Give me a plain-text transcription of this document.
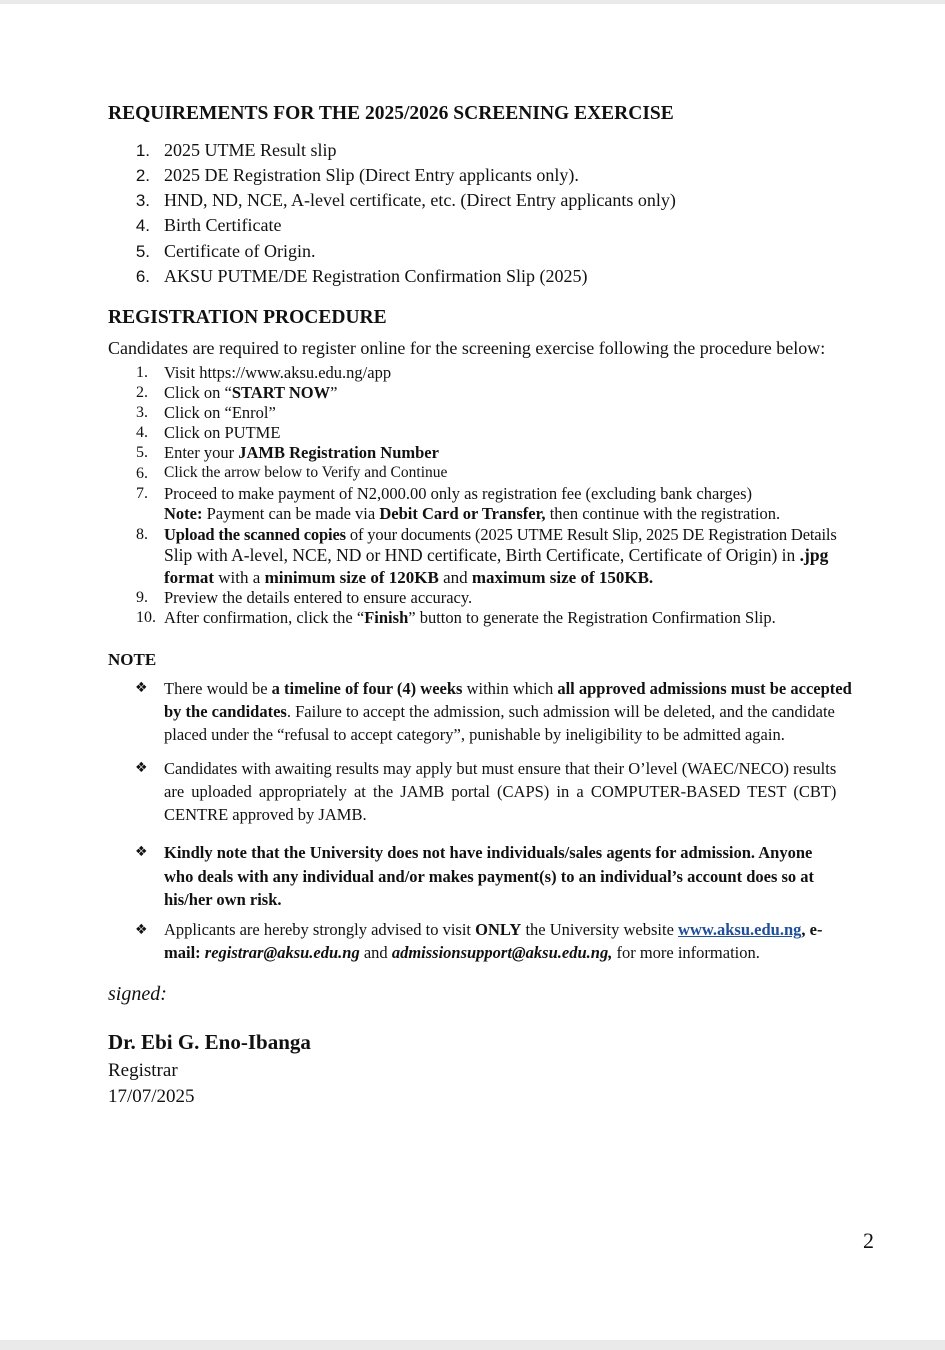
REQUIREMENTS FOR THE 2025/2026 SCREENING EXERCISE
1. 2025 UTME Result slip
2. 2025 DE Registration Slip (Direct Entry applicants only).
3. HND, ND, NCE, A-level certificate, etc. (Direct Entry applicants only)
4. Birth Certificate
5. Certificate of Origin.
6. AKSU PUTME/DE Registration Confirmation Slip (2025)
REGISTRATION PROCEDURE
Candidates are required to register online for the screening exercise following the procedure below:
1. Visit https://www.aksu.edu.ng/app
2. Click on “START NOW”
3. Click on “Enrol”
4. Click on PUTME
5. Enter your JAMB Registration Number
6. Click the arrow below to Verify and Continue
7. Proceed to make payment of N2,000.00 only as registration fee (excluding bank charges)
Note: Payment can be made via Debit Card or Transfer, then continue with the registration.
8. Upload the scanned copies of your documents (2025 UTME Result Slip, 2025 DE Registration Details
Slip with A-level, NCE, ND or HND certificate, Birth Certificate, Certificate of Origin) in .jpg
format with a minimum size of 120KB and maximum size of 150KB.
9. Preview the details entered to ensure accuracy.
10. After confirmation, click the “Finish” button to generate the Registration Confirmation Slip.
NOTE
❖ There would be a timeline of four (4) weeks within which all approved admissions must be accepted
by the candidates. Failure to accept the admission, such admission will be deleted, and the candidate
placed under the “refusal to accept category”, punishable by ineligibility to be admitted again.
❖ Candidates with awaiting results may apply but must ensure that their O’level (WAEC/NECO) results
are uploaded appropriately at the JAMB portal (CAPS) in a COMPUTER-BASED TEST (CBT)
CENTRE approved by JAMB.
❖ Kindly note that the University does not have individuals/sales agents for admission. Anyone
who deals with any individual and/or makes payment(s) to an individual’s account does so at
his/her own risk.
❖ Applicants are hereby strongly advised to visit ONLY the University website www.aksu.edu.ng, e-
mail: registrar@aksu.edu.ng and admissionsupport@aksu.edu.ng, for more information.
signed:
Dr. Ebi G. Eno-Ibanga
Registrar
17/07/2025
2
